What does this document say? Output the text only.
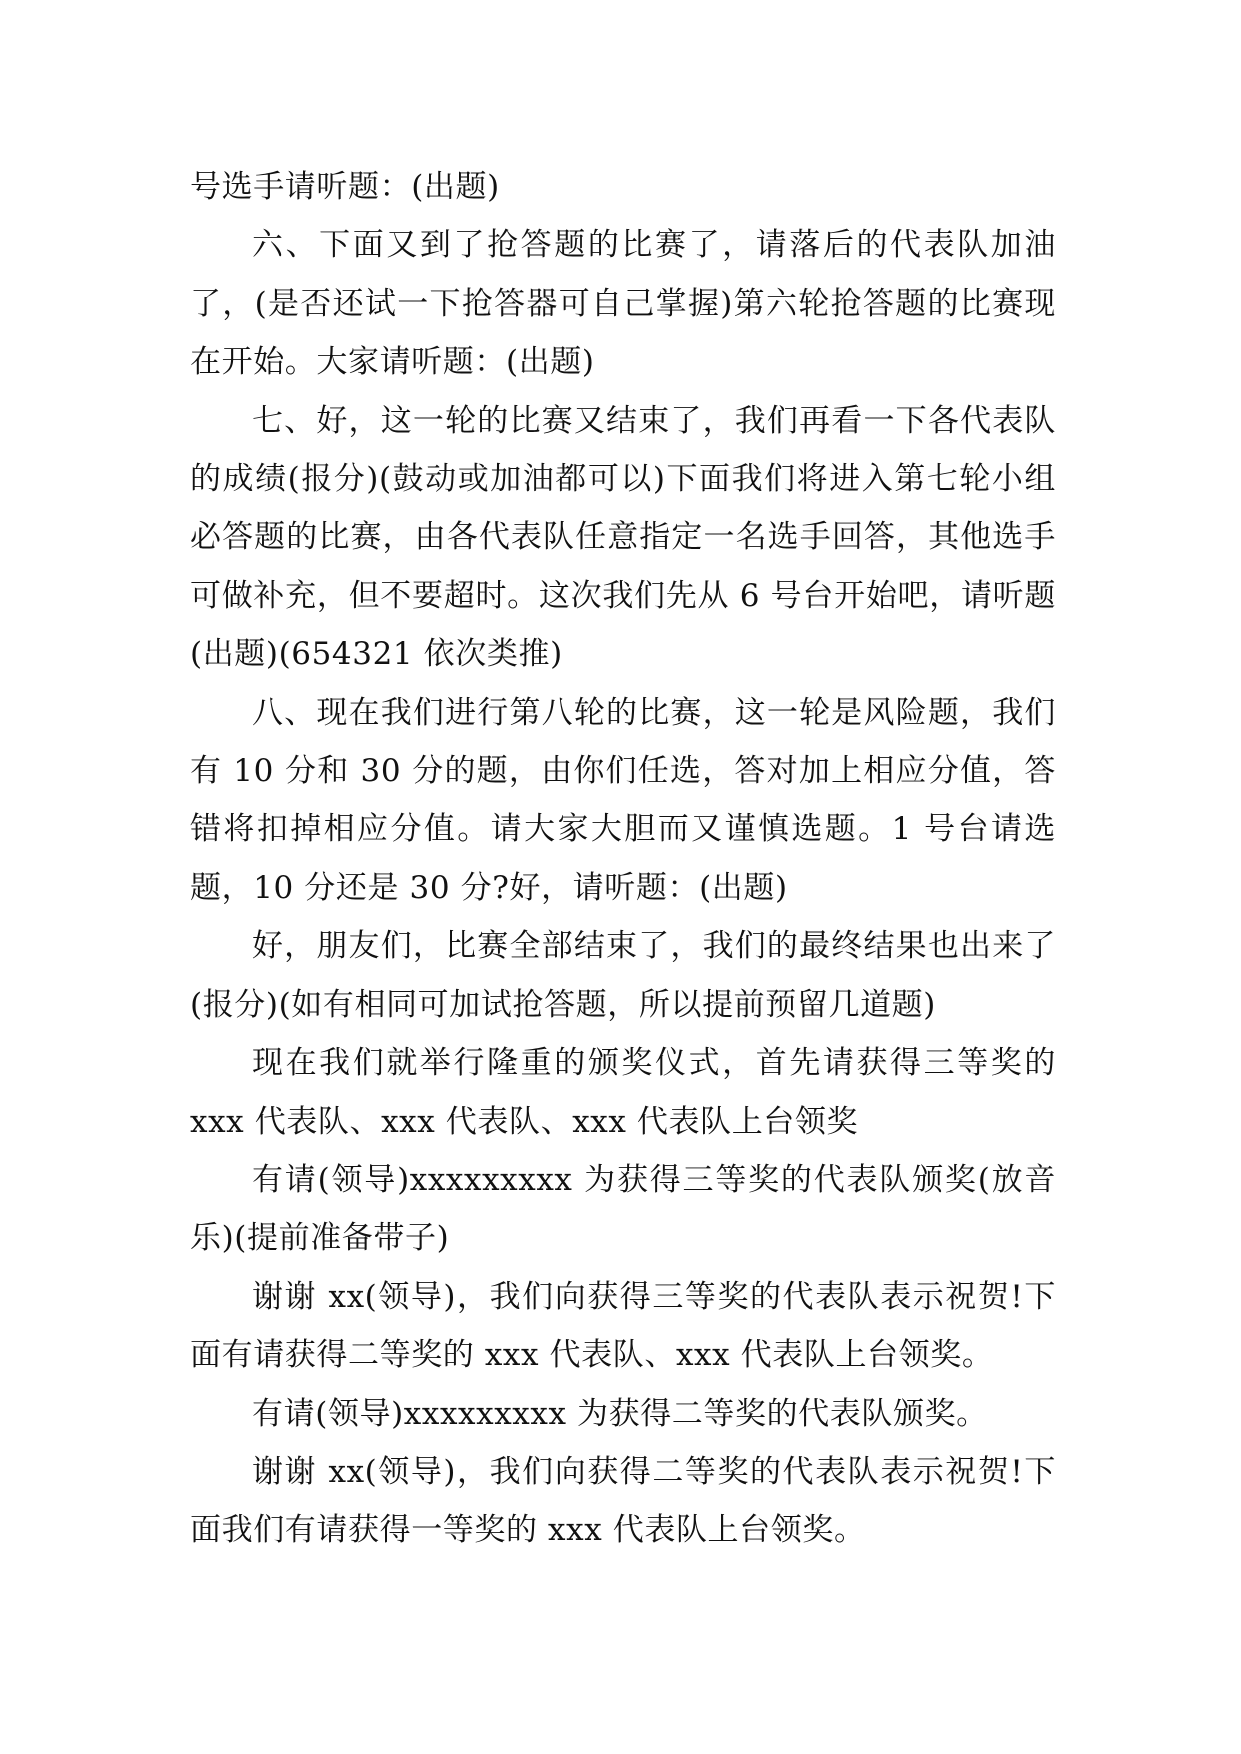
号选手请听题：(出题)

六、下面又到了抢答题的比赛了，请落后的代表队加油了，(是否还试一下抢答器可自己掌握)第六轮抢答题的比赛现在开始。大家请听题：(出题)

七、好，这一轮的比赛又结束了，我们再看一下各代表队的成绩(报分)(鼓动或加油都可以)下面我们将进入第七轮小组必答题的比赛，由各代表队任意指定一名选手回答，其他选手可做补充，但不要超时。这次我们先从 6 号台开始吧，请听题(出题)(654321 依次类推)

八、现在我们进行第八轮的比赛，这一轮是风险题，我们有 10 分和 30 分的题，由你们任选，答对加上相应分值，答错将扣掉相应分值。请大家大胆而又谨慎选题。1 号台请选题，10 分还是 30 分?好，请听题：(出题)

好，朋友们，比赛全部结束了，我们的最终结果也出来了(报分)(如有相同可加试抢答题，所以提前预留几道题)

现在我们就举行隆重的颁奖仪式，首先请获得三等奖的 xxx 代表队、xxx 代表队、xxx 代表队上台领奖

有请(领导)xxxxxxxxx 为获得三等奖的代表队颁奖(放音乐)(提前准备带子)

谢谢 xx(领导)，我们向获得三等奖的代表队表示祝贺!下面有请获得二等奖的 xxx 代表队、xxx 代表队上台领奖。

有请(领导)xxxxxxxxx 为获得二等奖的代表队颁奖。

谢谢 xx(领导)，我们向获得二等奖的代表队表示祝贺!下面我们有请获得一等奖的 xxx 代表队上台领奖。
